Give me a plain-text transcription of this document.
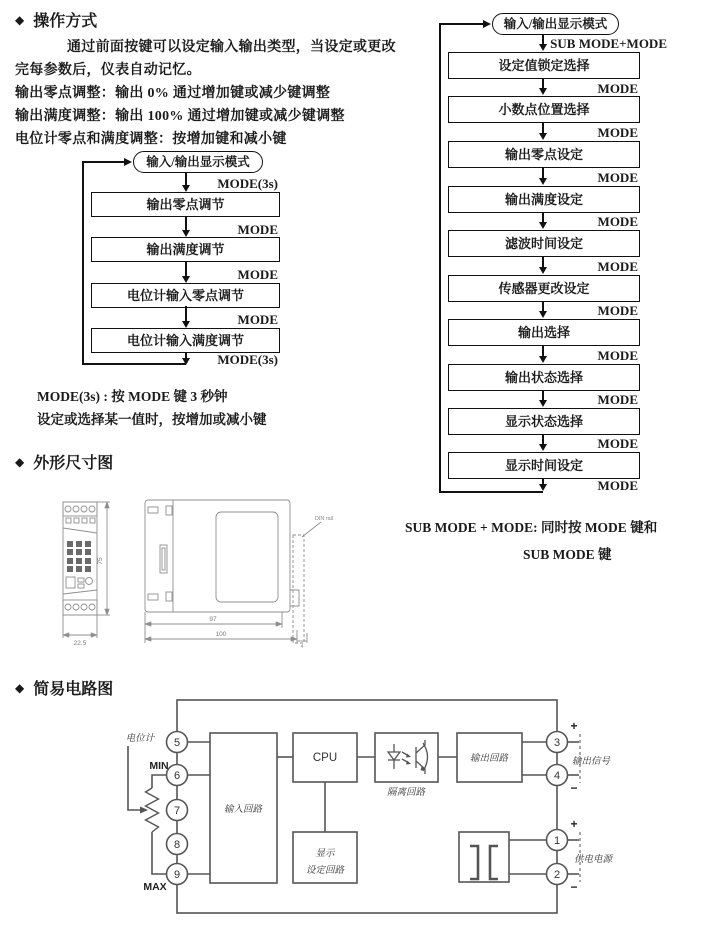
◆ 操作方式
通过前面按键可以设定输入输出类型，当设定或更改
完每参数后，仪表自动记忆。
输出零点调整：输出 0% 通过增加键或减少键调整
输出满度调整：输出 100% 通过增加键或减少键调整
电位计零点和满度调整：按增加键和减小键
输入/输出显示模式
MODE(3s)
输出零点调节
MODE
输出满度调节
MODE
电位计输入零点调节
MODE
电位计输入满度调节
MODE(3s)
MODE(3s) : 按 MODE 键 3 秒钟
设定或选择某一值时，按增加或减小键
输入/输出显示模式
SUB MODE+MODE
设定值锁定选择
MODE
小数点位置选择
MODE
输出零点设定
MODE
输出满度设定
MODE
滤波时间设定
MODE
传感器更改设定
MODE
输出选择
MODE
输出状态选择
MODE
显示状态选择
MODE
显示时间设定
MODE
SUB MODE + MODE: 同时按 MODE 键和
SUB MODE 键
◆ 外形尺寸图
75
22.5
DIN rail
97
100
4
◆ 简易电路图
5
6
7
8
9
3
4
1
2
输入回路
显示
设定回路
隔离回路
输出回路
电位计
输出信号
供电电源
CPU
MIN
MAX
+
−
+
−
